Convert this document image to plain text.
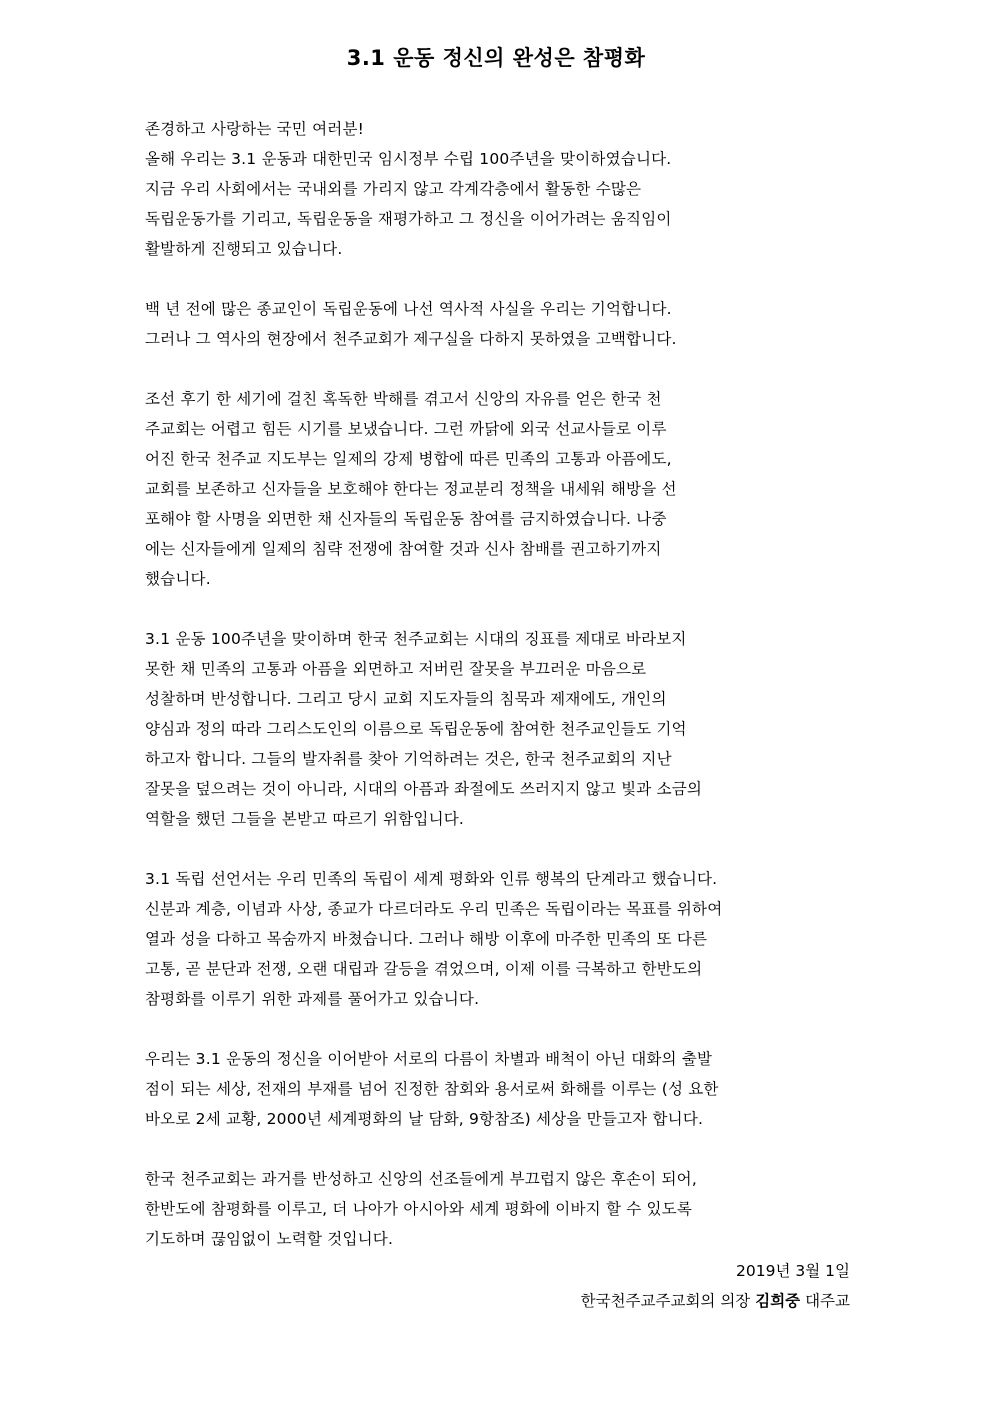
3.1 운동 정신의 완성은 참평화
존경하고 사랑하는 국민 여러분!
올해 우리는 3.1 운동과 대한민국 임시정부 수립 100주년을 맞이하였습니다.
지금 우리 사회에서는 국내외를 가리지 않고 각계각층에서 활동한 수많은
독립운동가를 기리고, 독립운동을 재평가하고 그 정신을 이어가려는 움직임이
활발하게 진행되고 있습니다.
백 년 전에 많은 종교인이 독립운동에 나선 역사적 사실을 우리는 기억합니다.
그러나 그 역사의 현장에서 천주교회가 제구실을 다하지 못하였을 고백합니다.
조선 후기 한 세기에 걸친 혹독한 박해를 겪고서 신앙의 자유를 얻은 한국 천
주교회는 어렵고 힘든 시기를 보냈습니다. 그런 까닭에 외국 선교사들로 이루
어진 한국 천주교 지도부는 일제의 강제 병합에 따른 민족의 고통과 아픔에도,
교회를 보존하고 신자들을 보호해야 한다는 정교분리 정책을 내세워 해방을 선
포해야 할 사명을 외면한 채 신자들의 독립운동 참여를 금지하였습니다. 나중
에는 신자들에게 일제의 침략 전쟁에 참여할 것과 신사 참배를 권고하기까지
했습니다.
3.1 운동 100주년을 맞이하며 한국 천주교회는 시대의 징표를 제대로 바라보지
못한 채 민족의 고통과 아픔을 외면하고 저버린 잘못을 부끄러운 마음으로
성찰하며 반성합니다. 그리고 당시 교회 지도자들의 침묵과 제재에도, 개인의
양심과 정의 따라 그리스도인의 이름으로 독립운동에 참여한 천주교인들도 기억
하고자 합니다. 그들의 발자취를 찾아 기억하려는 것은, 한국 천주교회의 지난
잘못을 덮으려는 것이 아니라, 시대의 아픔과 좌절에도 쓰러지지 않고 빛과 소금의
역할을 했던 그들을 본받고 따르기 위함입니다.
3.1 독립 선언서는 우리 민족의 독립이 세계 평화와 인류 행복의 단계라고 했습니다.
신분과 계층, 이념과 사상, 종교가 다르더라도 우리 민족은 독립이라는 목표를 위하여
열과 성을 다하고 목숨까지 바쳤습니다. 그러나 해방 이후에 마주한 민족의 또 다른
고통, 곧 분단과 전쟁, 오랜 대립과 갈등을 겪었으며, 이제 이를 극복하고 한반도의
참평화를 이루기 위한 과제를 풀어가고 있습니다.
우리는 3.1 운동의 정신을 이어받아 서로의 다름이 차별과 배척이 아닌 대화의 출발
점이 되는 세상, 전재의 부재를 넘어 진정한 참회와 용서로써 화해를 이루는 (성 요한
바오로 2세 교황, 2000년 세계평화의 날 담화, 9항참조) 세상을 만들고자 합니다.
한국 천주교회는 과거를 반성하고 신앙의 선조들에게 부끄럽지 않은 후손이 되어,
한반도에 참평화를 이루고, 더 나아가 아시아와 세계 평화에 이바지 할 수 있도록
기도하며 끊임없이 노력할 것입니다.
2019년 3월 1일
한국천주교주교회의 의장 김희중 대주교
